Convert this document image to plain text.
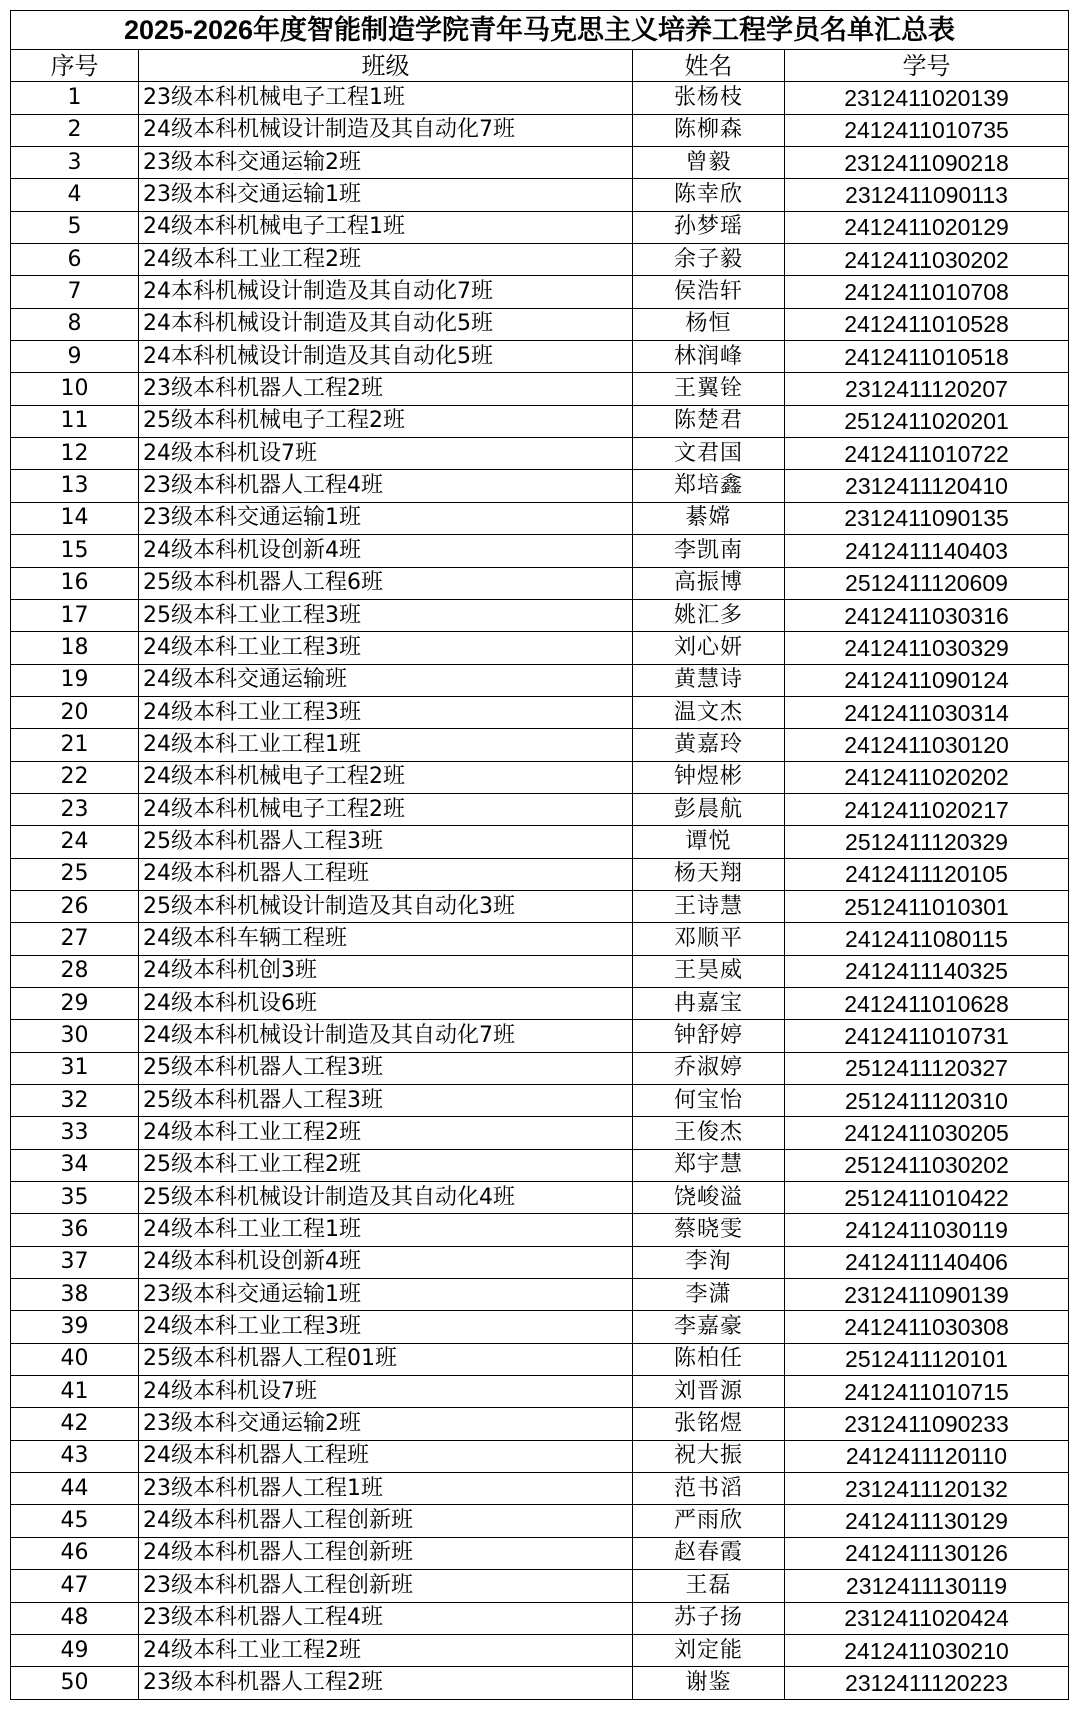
2025-2026年度智能制造学院青年马克思主义培养工程学员名单汇总表			
序号	班级	姓名	学号
1	23级本科机械电子工程1班	张杨枝	2312411020139
2	24级本科机械设计制造及其自动化7班	陈柳森	2412411010735
3	23级本科交通运输2班	曾毅	2312411090218
4	23级本科交通运输1班	陈幸欣	2312411090113
5	24级本科机械电子工程1班	孙梦瑶	2412411020129
6	24级本科工业工程2班	余子毅	2412411030202
7	24本科机械设计制造及其自动化7班	侯浩轩	2412411010708
8	24本科机械设计制造及其自动化5班	杨恒	2412411010528
9	24本科机械设计制造及其自动化5班	林润峰	2412411010518
10	23级本科机器人工程2班	王翼铨	2312411120207
11	25级本科机械电子工程2班	陈楚君	2512411020201
12	24级本科机设7班	文君国	2412411010722
13	23级本科机器人工程4班	郑培鑫	2312411120410
14	23级本科交通运输1班	綦嫦	2312411090135
15	24级本科机设创新4班	李凯南	2412411140403
16	25级本科机器人工程6班	高振博	2512411120609
17	25级本科工业工程3班	姚汇多	2412411030316
18	24级本科工业工程3班	刘心妍	2412411030329
19	24级本科交通运输班	黄慧诗	2412411090124
20	24级本科工业工程3班	温文杰	2412411030314
21	24级本科工业工程1班	黄嘉玲	2412411030120
22	24级本科机械电子工程2班	钟煜彬	2412411020202
23	24级本科机械电子工程2班	彭晨航	2412411020217
24	25级本科机器人工程3班	谭悦	2512411120329
25	24级本科机器人工程班	杨天翔	2412411120105
26	25级本科机械设计制造及其自动化3班	王诗慧	2512411010301
27	24级本科车辆工程班	邓顺平	2412411080115
28	24级本科机创3班	王昊威	2412411140325
29	24级本科机设6班	冉嘉宝	2412411010628
30	24级本科机械设计制造及其自动化7班	钟舒婷	2412411010731
31	25级本科机器人工程3班	乔淑婷	2512411120327
32	25级本科机器人工程3班	何宝怡	2512411120310
33	24级本科工业工程2班	王俊杰	2412411030205
34	25级本科工业工程2班	郑宇慧	2512411030202
35	25级本科机械设计制造及其自动化4班	饶峻溢	2512411010422
36	24级本科工业工程1班	蔡晓雯	2412411030119
37	24级本科机设创新4班	李洵	2412411140406
38	23级本科交通运输1班	李潇	2312411090139
39	24级本科工业工程3班	李嘉豪	2412411030308
40	25级本科机器人工程01班	陈柏任	2512411120101
41	24级本科机设7班	刘晋源	2412411010715
42	23级本科交通运输2班	张铭煜	2312411090233
43	24级本科机器人工程班	祝大振	2412411120110
44	23级本科机器人工程1班	范书滔	2312411120132
45	24级本科机器人工程创新班	严雨欣	2412411130129
46	24级本科机器人工程创新班	赵春霞	2412411130126
47	23级本科机器人工程创新班	王磊	2312411130119
48	23级本科机器人工程4班	苏子扬	2312411020424
49	24级本科工业工程2班	刘定能	2412411030210
50	23级本科机器人工程2班	谢鉴	2312411120223
